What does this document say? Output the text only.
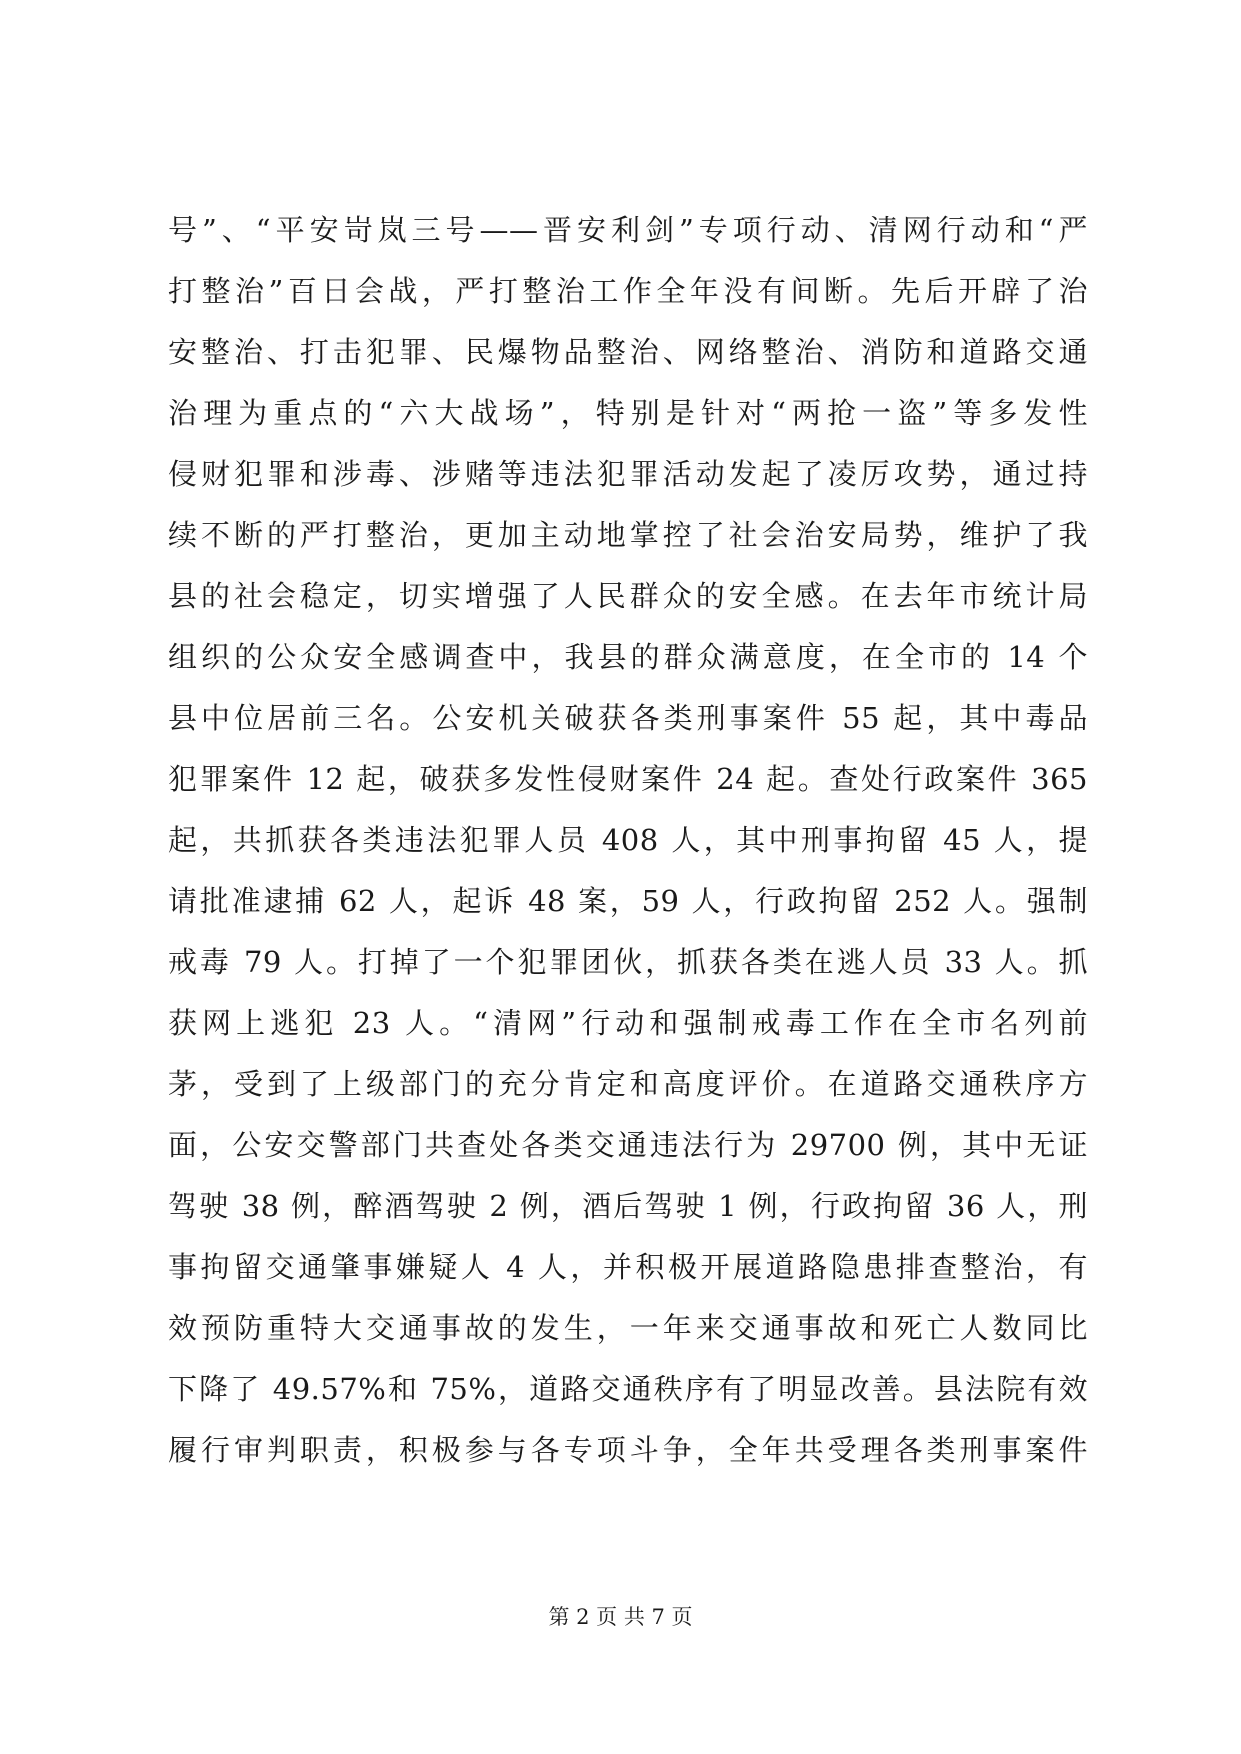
号”、“平安岢岚三号——晋安利剑”专项行动、清网行动和“严
打整治”百日会战，严打整治工作全年没有间断。先后开辟了治
安整治、打击犯罪、民爆物品整治、网络整治、消防和道路交通
治理为重点的“六大战场”，特别是针对“两抢一盗”等多发性
侵财犯罪和涉毒、涉赌等违法犯罪活动发起了凌厉攻势，通过持
续不断的严打整治，更加主动地掌控了社会治安局势，维护了我
县的社会稳定，切实增强了人民群众的安全感。在去年市统计局
组织的公众安全感调查中，我县的群众满意度，在全市的 14 个
县中位居前三名。公安机关破获各类刑事案件 55 起，其中毒品
犯罪案件 12 起，破获多发性侵财案件 24 起。查处行政案件 365
起，共抓获各类违法犯罪人员 408 人，其中刑事拘留 45 人，提
请批准逮捕 62 人，起诉 48 案，59 人，行政拘留 252 人。强制
戒毒 79 人。打掉了一个犯罪团伙，抓获各类在逃人员 33 人。抓
获网上逃犯 23 人。“清网”行动和强制戒毒工作在全市名列前
茅，受到了上级部门的充分肯定和高度评价。在道路交通秩序方
面，公安交警部门共查处各类交通违法行为 29700 例，其中无证
驾驶 38 例，醉酒驾驶 2 例，酒后驾驶 1 例，行政拘留 36 人，刑
事拘留交通肇事嫌疑人 4 人，并积极开展道路隐患排查整治，有
效预防重特大交通事故的发生，一年来交通事故和死亡人数同比
下降了 49.57%和 75%，道路交通秩序有了明显改善。县法院有效
履行审判职责，积极参与各专项斗争，全年共受理各类刑事案件
第 2 页 共 7 页
